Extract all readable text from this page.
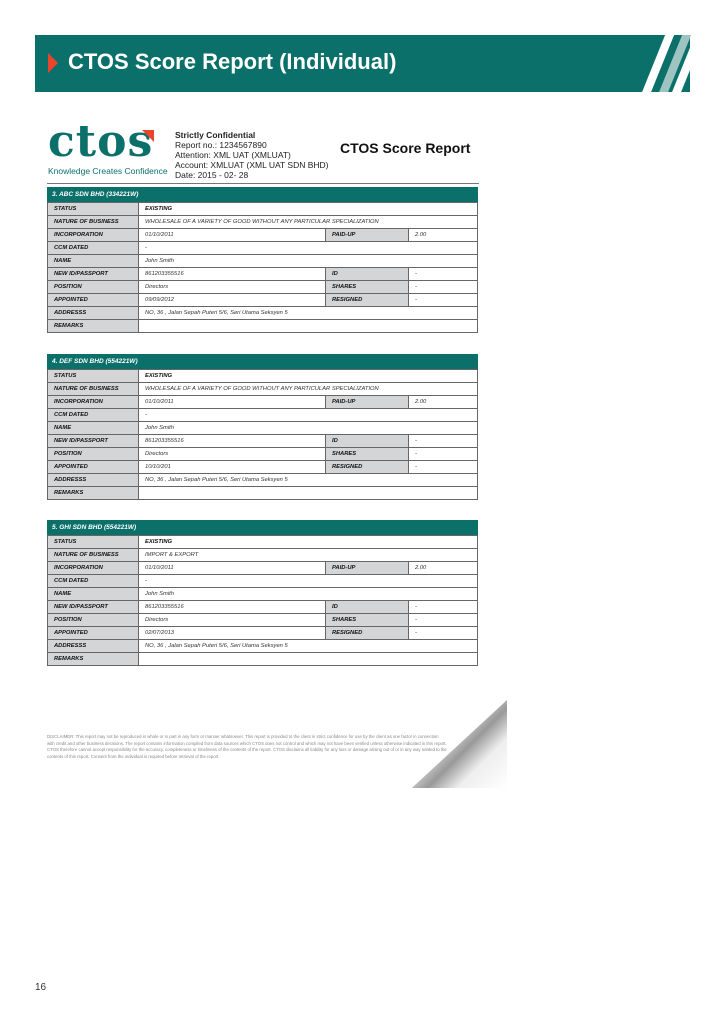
CTOS Score Report (Individual)
ctos
Knowledge Creates Confidence
Strictly Confidential
Report no.: 1234567890
Attention: XML UAT (XMLUAT)
Account: XMLUAT (XML UAT SDN BHD)
Date: 2015 - 02- 28
CTOS Score Report
3. ABC SDN BHD (334221W)
STATUS	EXISTING		
NATURE OF BUSINESS	WHOLESALE OF A VARIETY OF GOOD WITHOUT ANY PARTICULAR SPECIALIZATION		
INCORPORATION	01/10/2011	PAID-UP	2.00
CCM DATED	-		
NAME	John Smith		
NEW ID/PASSPORT	861203355516	ID	-
POSITION	Directors	SHARES	-
APPOINTED	09/09/2012	RESIGNED	-
ADDRESSS	NO, 36 , Jalan Sepah Puteri 5/6, Seri Utama Seksyen 5		
REMARKS			
4. DEF SDN BHD (554221W)
STATUS	EXISTING		
NATURE OF BUSINESS	WHOLESALE OF A VARIETY OF GOOD WITHOUT ANY PARTICULAR SPECIALIZATION		
INCORPORATION	01/10/2011	PAID-UP	2.00
CCM DATED	-		
NAME	John Smith		
NEW ID/PASSPORT	861203355516	ID	-
POSITION	Directors	SHARES	-
APPOINTED	10/10/201	RESIGNED	-
ADDRESSS	NO, 36 , Jalan Sepah Puteri 5/6, Seri Utama Seksyen 5		
REMARKS			
5. GHI SDN BHD (554221W)
STATUS	EXISTING		
NATURE OF BUSINESS	IMPORT & EXPORT		
INCORPORATION	01/10/2011	PAID-UP	2.00
CCM DATED	-		
NAME	John Smith		
NEW ID/PASSPORT	861203355516	ID	-
POSITION	Directors	SHARES	-
APPOINTED	02/07/2013	RESIGNED	-
ADDRESSS	NO, 36 , Jalan Sepah Puteri 5/6, Seri Utama Seksyen 5		
REMARKS			
DISCLAIMER: This report may not be reproduced in whole or in part in any form or manner whatsoever. This report is provided to the client in strict confidence for use by the client as one factor in connection with credit and other business decisions. The report contains information compiled from data sources which CTOS does not control and which may not have been verified unless otherwise indicated in this report. CTOS therefore cannot accept responsibility for the accuracy, completeness or timeliness of the contents of the report. CTOS disclaims all liability for any loss or damage arising out of or in any way related to the contents of this report. Consent from the individual is required before retrieval of the report.
16
